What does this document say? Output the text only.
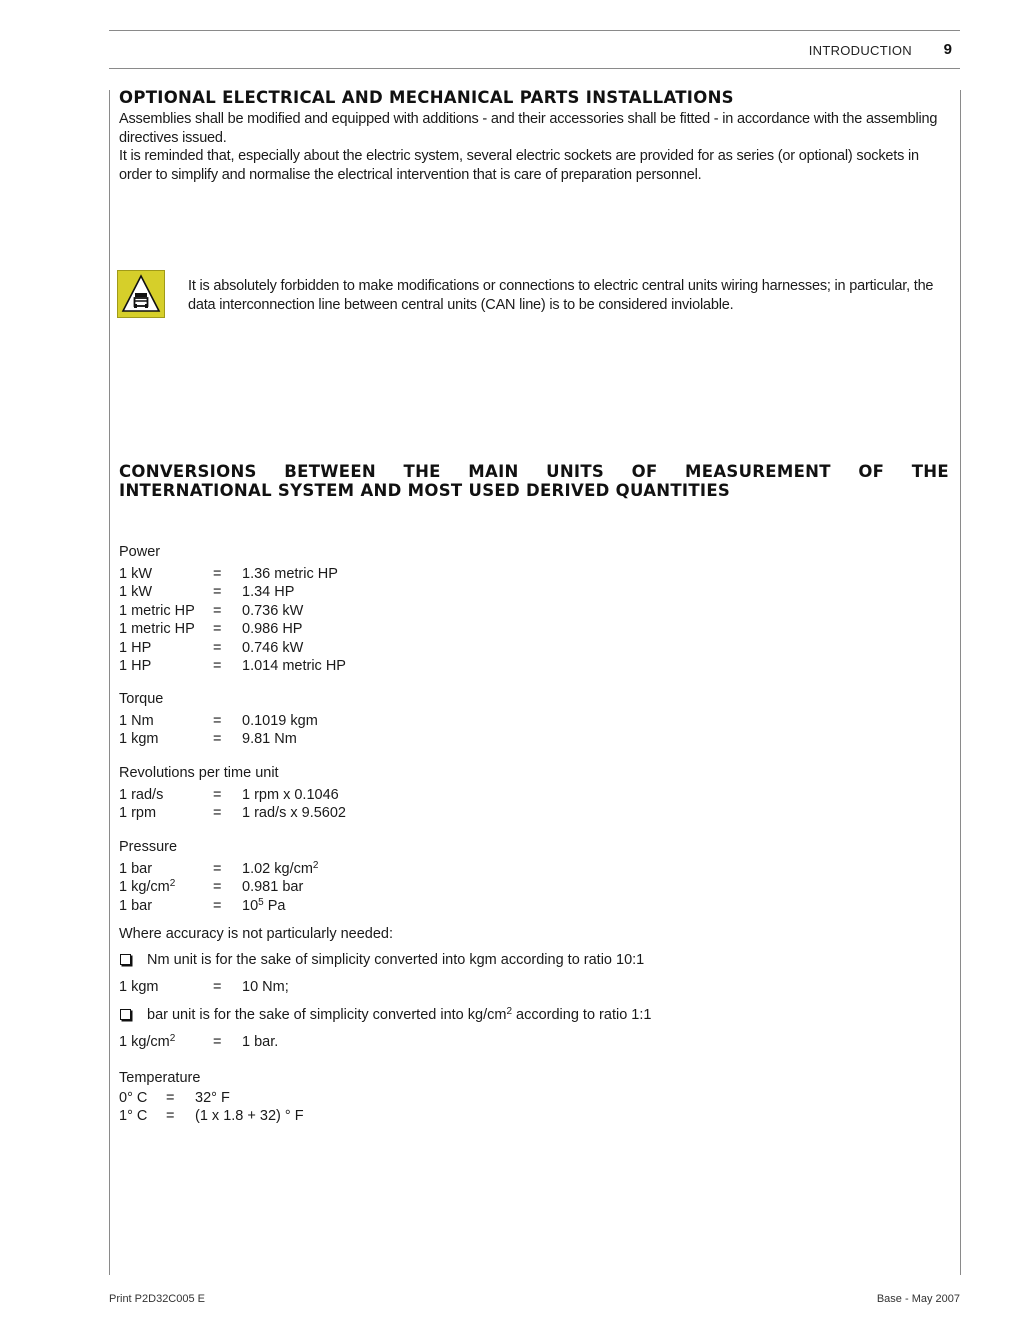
INTRODUCTION 9
OPTIONAL ELECTRICAL AND MECHANICAL PARTS INSTALLATIONS

Assemblies shall be modified and equipped with additions - and their accessories shall be fitted - in accordance with the assembling directives issued.

It is reminded that, especially about the electric system, several electric sockets are provided for as series (or optional) sockets in order to simplify and normalise the electrical intervention that is care of preparation personnel.

It is absolutely forbidden to make modifications or connections to electric central units wiring harnesses; in particular, the data interconnection line between central units (CAN line) is to be considered inviolable.
CONVERSIONS BETWEEN THE MAIN UNITS OF MEASUREMENT OF THE
INTERNATIONAL SYSTEM AND MOST USED DERIVED QUANTITIES

Power

1 kW	= 1.36 metric HP
1 kW	= 1.34 HP
1 metric HP = 0.736 kW
1 metric HP = 0.986 HP
1 HP	= 0.746 kW
1 HP	= 1.014 metric HP

Torque

1 Nm	= 0.1019 kgm
1 kgm	= 9.81 Nm

Revolutions per time unit

1 rad/s	= 1 rpm x 0.1046
1 rpm	= 1 rad/s x 9.5602

Pressure

1 bar	= 1.02 $kg/cm^2$
1 $kg/cm^2$	= 0.981 bar
1 bar	= $10^5$ Pa

Where accuracy is not particularly needed:

Nm unit is for the sake of simplicity converted into kgm according to ratio 10:1
1 kgm	= 10 Nm;
bar unit is for the sake of simplicity converted into $kg/cm^2$ according to ratio 1:1
1 $kg/cm^2$	= 1 bar.

Temperature

0° C = 32° F
1° C = (1 x 1.8 + 32) ° F
Print P2D32C005 E	Base - May 2007
